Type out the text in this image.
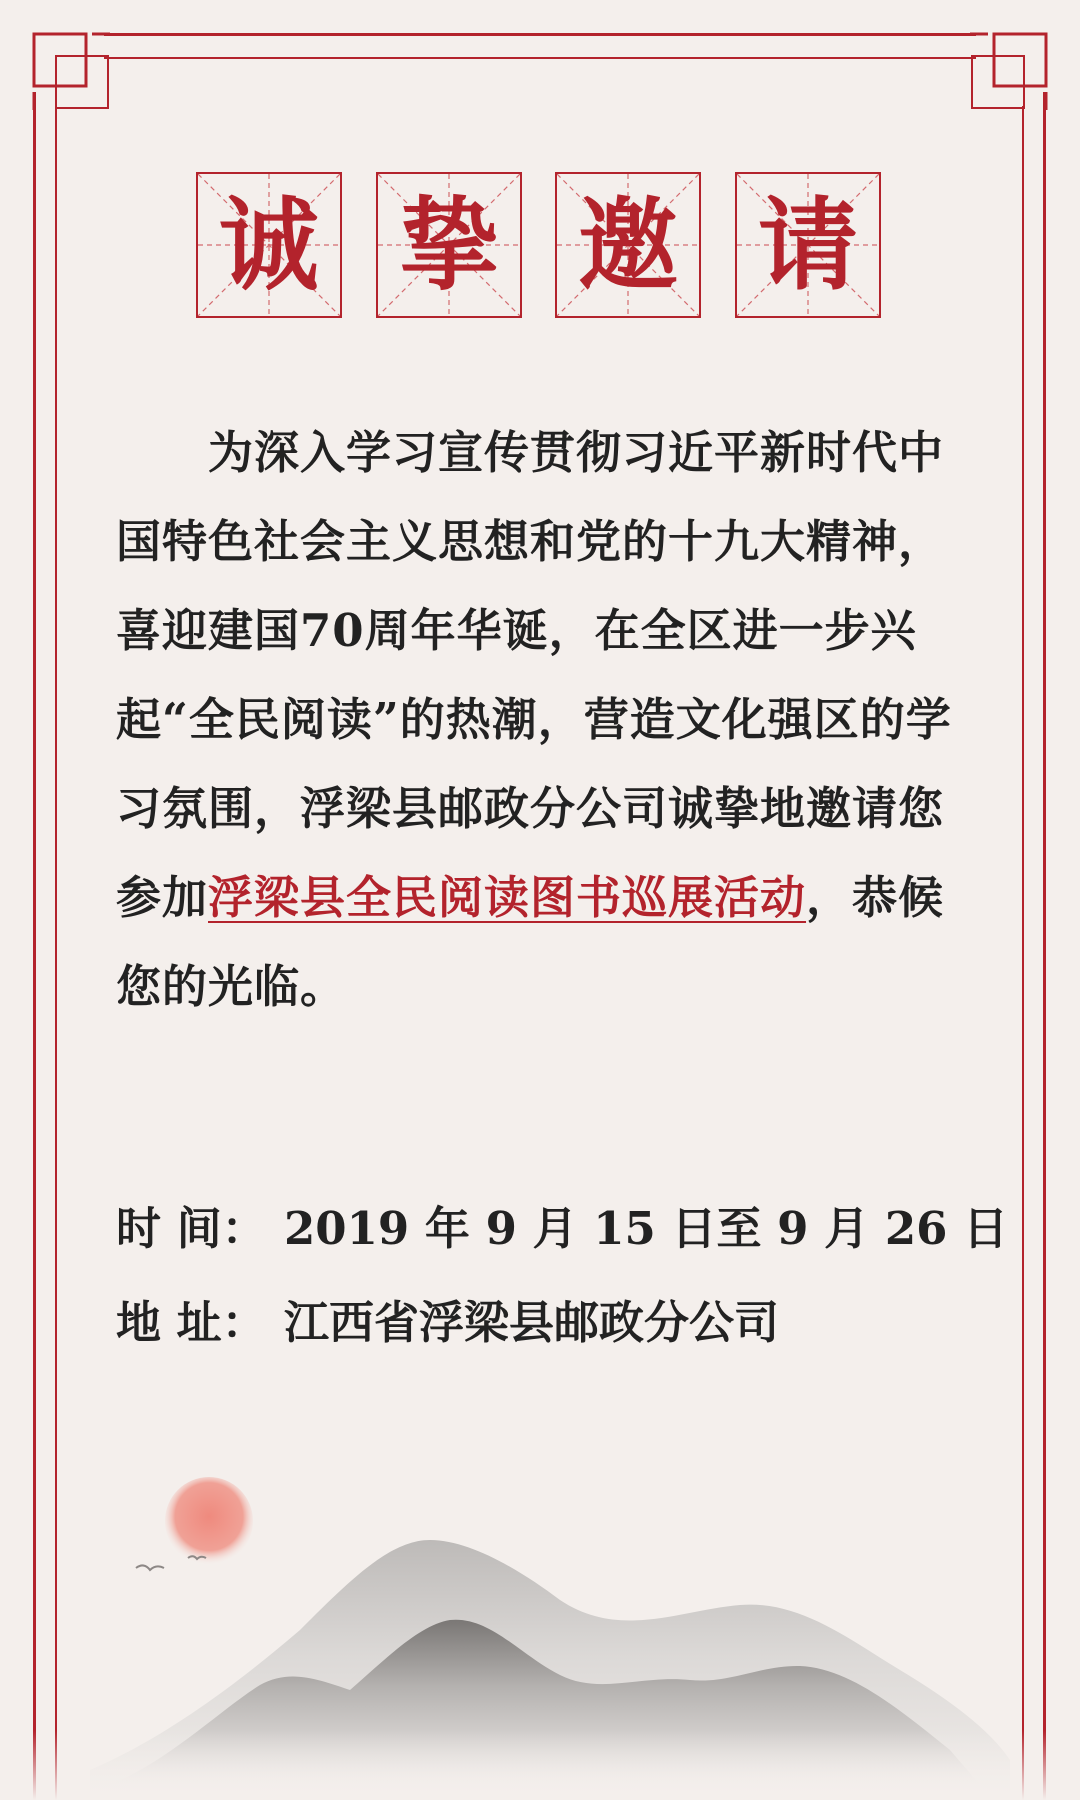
诚 挚 邀 请
为深入学习宣传贯彻习近平新时代中国特色社会主义思想和党的十九大精神，喜迎建国70周年华诞，在全区进一步兴起“全民阅读”的热潮，营造文化强区的学习氛围，浮梁县邮政分公司诚挚地邀请您参加浮梁县全民阅读图书巡展活动，恭候您的光临。
时 间： 2019 年 9 月 15 日至 9 月 26 日
地 址： 江西省浮梁县邮政分公司
